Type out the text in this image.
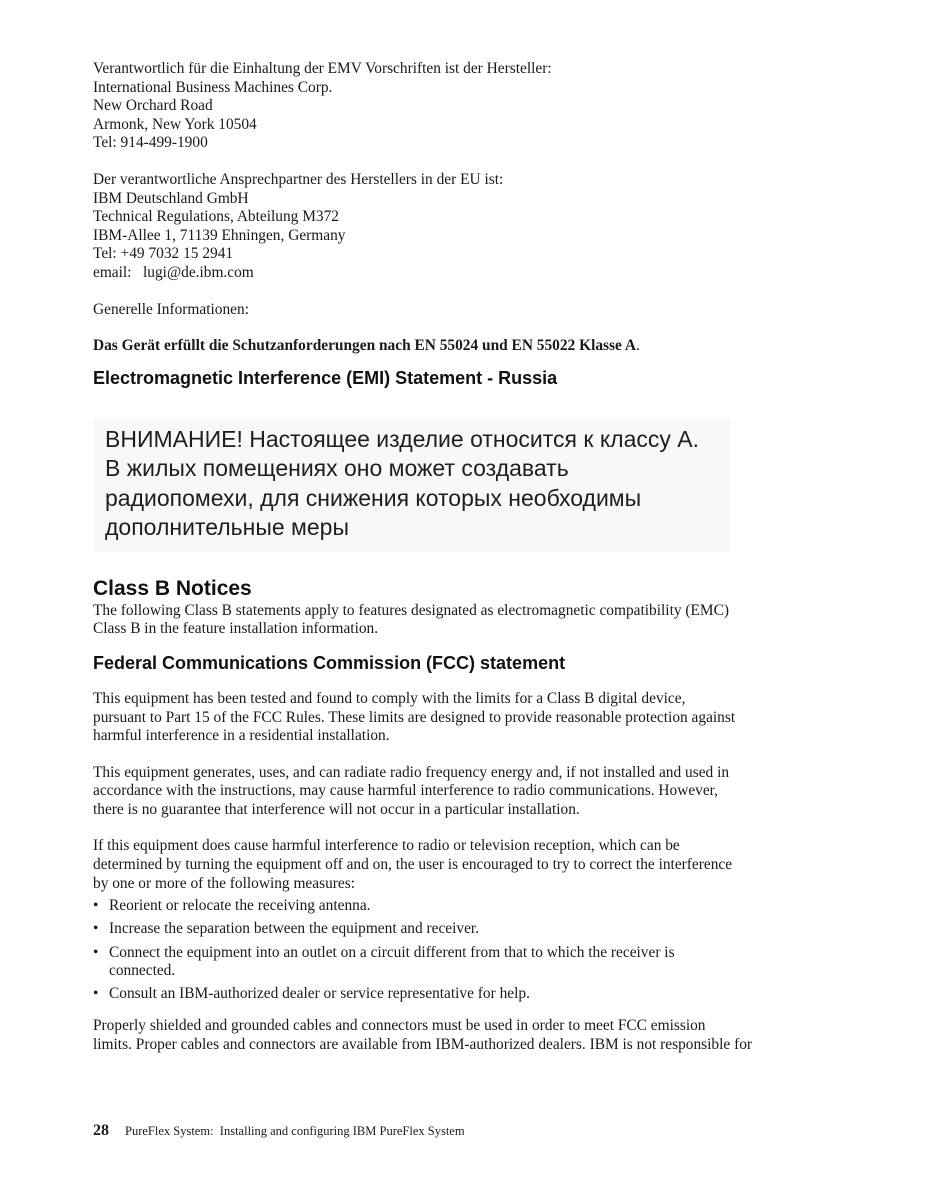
Verantwortlich für die Einhaltung der EMV Vorschriften ist der Hersteller:
International Business Machines Corp.
New Orchard Road
Armonk, New York 10504
Tel: 914-499-1900

Der verantwortliche Ansprechpartner des Herstellers in der EU ist:
IBM Deutschland GmbH
Technical Regulations, Abteilung M372
IBM-Allee 1, 71139 Ehningen, Germany
Tel: +49 7032 15 2941
email:   lugi@de.ibm.com

Generelle Informationen:

Das Gerät erfüllt die Schutzanforderungen nach EN 55024 und EN 55022 Klasse A.

Electromagnetic Interference (EMI) Statement - Russia
ВНИМАНИЕ! Настоящее изделие относится к классу А.
В жилых помещениях оно может создавать
радиопомехи, для снижения которых необходимы
дополнительные меры
Class B Notices

The following Class B statements apply to features designated as electromagnetic compatibility (EMC)
Class B in the feature installation information.

Federal Communications Commission (FCC) statement

This equipment has been tested and found to comply with the limits for a Class B digital device,
pursuant to Part 15 of the FCC Rules. These limits are designed to provide reasonable protection against
harmful interference in a residential installation.

This equipment generates, uses, and can radiate radio frequency energy and, if not installed and used in
accordance with the instructions, may cause harmful interference to radio communications. However,
there is no guarantee that interference will not occur in a particular installation.

If this equipment does cause harmful interference to radio or television reception, which can be
determined by turning the equipment off and on, the user is encouraged to try to correct the interference
by one or more of the following measures:

• Reorient or relocate the receiving antenna.
• Increase the separation between the equipment and receiver.
• Connect the equipment into an outlet on a circuit different from that to which the receiver is
connected.
• Consult an IBM-authorized dealer or service representative for help.

Properly shielded and grounded cables and connectors must be used in order to meet FCC emission
limits. Proper cables and connectors are available from IBM-authorized dealers. IBM is not responsible for

28 PureFlex System:  Installing and configuring IBM PureFlex System
